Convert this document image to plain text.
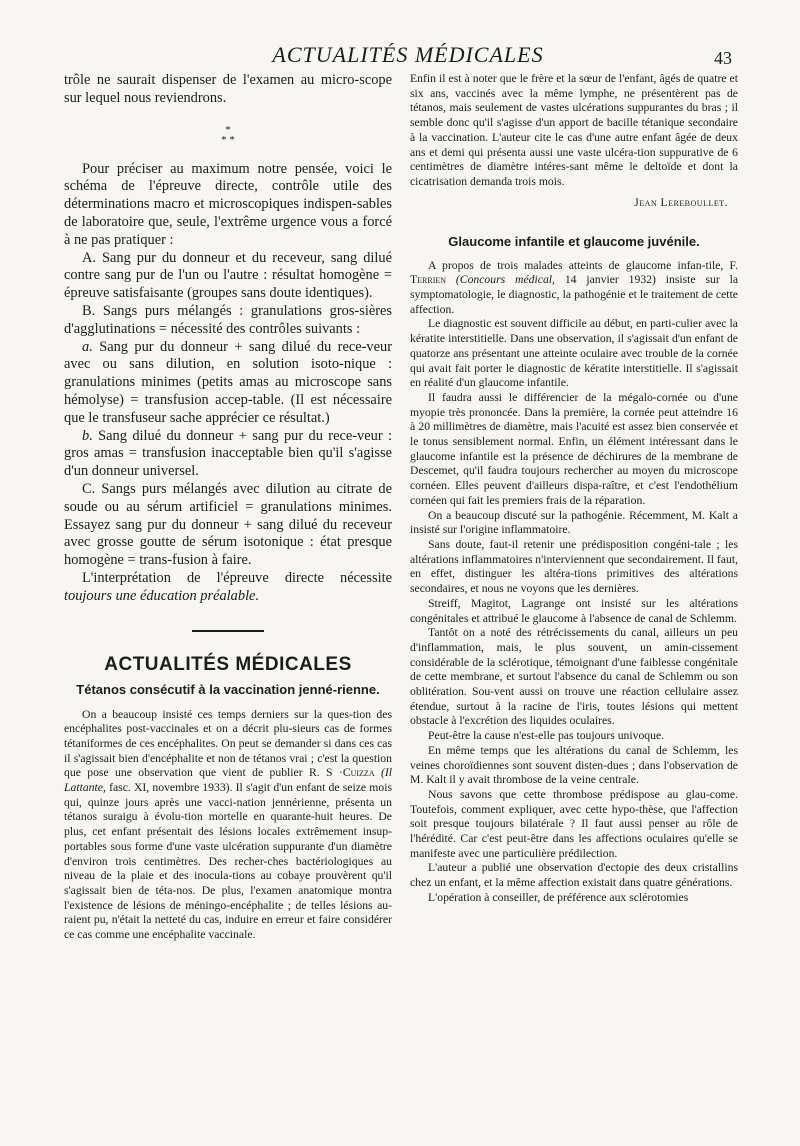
ACTUALITÉS MÉDICALES	43

trôle ne saurait dispenser de l'examen au micro-scope sur lequel nous reviendrons.

*
* *

Pour préciser au maximum notre pensée, voici le schéma de l'épreuve directe, contrôle utile des déterminations macro et microscopiques indispen-sables de laboratoire que, seule, l'extrême urgence vous a forcé à ne pas pratiquer :

A. Sang pur du donneur et du receveur, sang dilué contre sang pur de l'un ou l'autre : résultat homogène = épreuve satisfaisante (groupes sans doute identiques).

B. Sangs purs mélangés : granulations gros-sières d'agglutinations = nécessité des contrôles suivants :

a. Sang pur du donneur + sang dilué du rece-veur avec ou sans dilution, en solution isoto-nique : granulations minimes (petits amas au microscope sans hémolyse) = transfusion accep-table. (Il est nécessaire que le transfuseur sache apprécier ce résultat.)

b. Sang dilué du donneur + sang pur du rece-veur : gros amas = transfusion inacceptable bien qu'il s'agisse d'un donneur universel.

C. Sangs purs mélangés avec dilution au citrate de soude ou au sérum artificiel = granulations minimes. Essayez sang pur du donneur + sang dilué du receveur avec grosse goutte de sérum isotonique : état presque homogène = trans-fusion à faire.

L'interprétation de l'épreuve directe nécessite toujours une éducation préalable.

ACTUALITÉS MÉDICALES
Tétanos consécutif à la vaccination jenné-rienne.

On a beaucoup insisté ces temps derniers sur la ques-tion des encéphalites post-vaccinales et on a décrit plu-sieurs cas de formes tétaniformes de ces encéphalites. On peut se demander si dans ces cas il s'agissait bien d'encéphalite et non de tétanos vrai ; c'est la question que pose une observation que vient de publier R. S ·Cuizza (Il Lattante, fasc. XI, novembre 1933). Il s'agit d'un enfant de seize mois qui, quinze jours après une vacci-nation jennérienne, présenta un tétanos suraigu à évolu-tion mortelle en quarante-huit heures. De plus, cet enfant présentait des lésions locales extrêmement insup-portables sous forme d'une vaste ulcération suppurante d'un diamètre d'environ trois centimètres. Des recher-ches bactériologiques au niveau de la plaie et des inocula-tions au cobaye prouvèrent qu'il s'agissait bien de téta-nos. De plus, l'examen anatomique montra l'existence de lésions de méningo-encéphalite ; de telles lésions au-raient pu, n'était la netteté du cas, induire en erreur et faire considérer ce cas comme une encéphalite vaccinale.

Enfin il est à noter que le frère et la sœur de l'enfant, âgés de quatre et six ans, vaccinés avec la même lymphe, ne présentèrent pas de tétanos, mais seulement de vastes ulcérations suppurantes du bras ; il semble donc qu'il s'agisse d'un apport de bacille tétanique secondaire à la vaccination. L'auteur cite le cas d'une autre enfant âgée de deux ans et demi qui présenta aussi une vaste ulcéra-tion suppurative de 6 centimètres de diamètre intéres-sant même le deltoïde et dont la cicatrisation demanda trois mois.

Jean Lereboullet.
Glaucome infantile et glaucome juvénile.

A propos de trois malades atteints de glaucome infan-tile, F. Terrien (Concours médical, 14 janvier 1932) insiste sur la symptomatologie, le diagnostic, la pathogénie et le traitement de cette affection.

Le diagnostic est souvent difficile au début, en parti-culier avec la kératite interstitielle. Dans une observation, il s'agissait d'un enfant de quatorze ans présentant une atteinte oculaire avec trouble de la cornée qui avait fait porter le diagnostic de kératite interstitielle. Il s'agissait en réalité d'un glaucome infantile.

Il faudra aussi le différencier de la mégalo-cornée ou d'une myopie très prononcée. Dans la première, la cornée peut atteindre 16 à 20 millimètres de diamètre, mais l'acuité est assez bien conservée et le tonus sensiblement normal. Enfin, un élément intéressant dans le glaucome infantile est la présence de déchirures de la membrane de Descemet, qu'il faudra toujours rechercher au moyen du microscope cornéen. Elles peuvent d'ailleurs dispa-raître, et c'est l'endothélium cornéen qui fait les premiers frais de la réparation.

On a beaucoup discuté sur la pathogénie. Récemment, M. Kalt a insisté sur l'origine inflammatoire.

Sans doute, faut-il retenir une prédisposition congéni-tale ; les altérations inflammatoires n'interviennent que secondairement. Il faut, en effet, distinguer les altéra-tions primitives des altérations secondaires, et nous ne voyons que les dernières.

Streiff, Magitot, Lagrange ont insisté sur les altérations congénitales et attribué le glaucome à l'absence de canal de Schlemm.

Tantôt on a noté des rétrécissements du canal, ailleurs un peu d'inflammation, mais, le plus souvent, un amin-cissement considérable de la sclérotique, témoignant d'une faiblesse congénitale de cette membrane, et surtout l'absence du canal de Schlemm ou son oblitération. Sou-vent aussi on trouve une réaction cellulaire assez étendue, surtout à la racine de l'iris, toutes lésions qui mettent obstacle à l'excrétion des liquides oculaires.

Peut-être la cause n'est-elle pas toujours univoque.

En même temps que les altérations du canal de Schlemm, les veines choroïdiennes sont souvent disten-dues ; dans l'observation de M. Kalt il y avait thrombose de la veine centrale.

Nous savons que cette thrombose prédispose au glau-come. Toutefois, comment expliquer, avec cette hypo-thèse, que l'affection soit presque toujours bilatérale ? Il faut aussi penser au rôle de l'hérédité. Car c'est peut-être dans les affections oculaires qu'elle se manifeste avec une particulière prédilection.

L'auteur a publié une observation d'ectopie des deux cristallins chez un enfant, et la même affection existait dans quatre générations.

L'opération à conseiller, de préférence aux sclérotomies
